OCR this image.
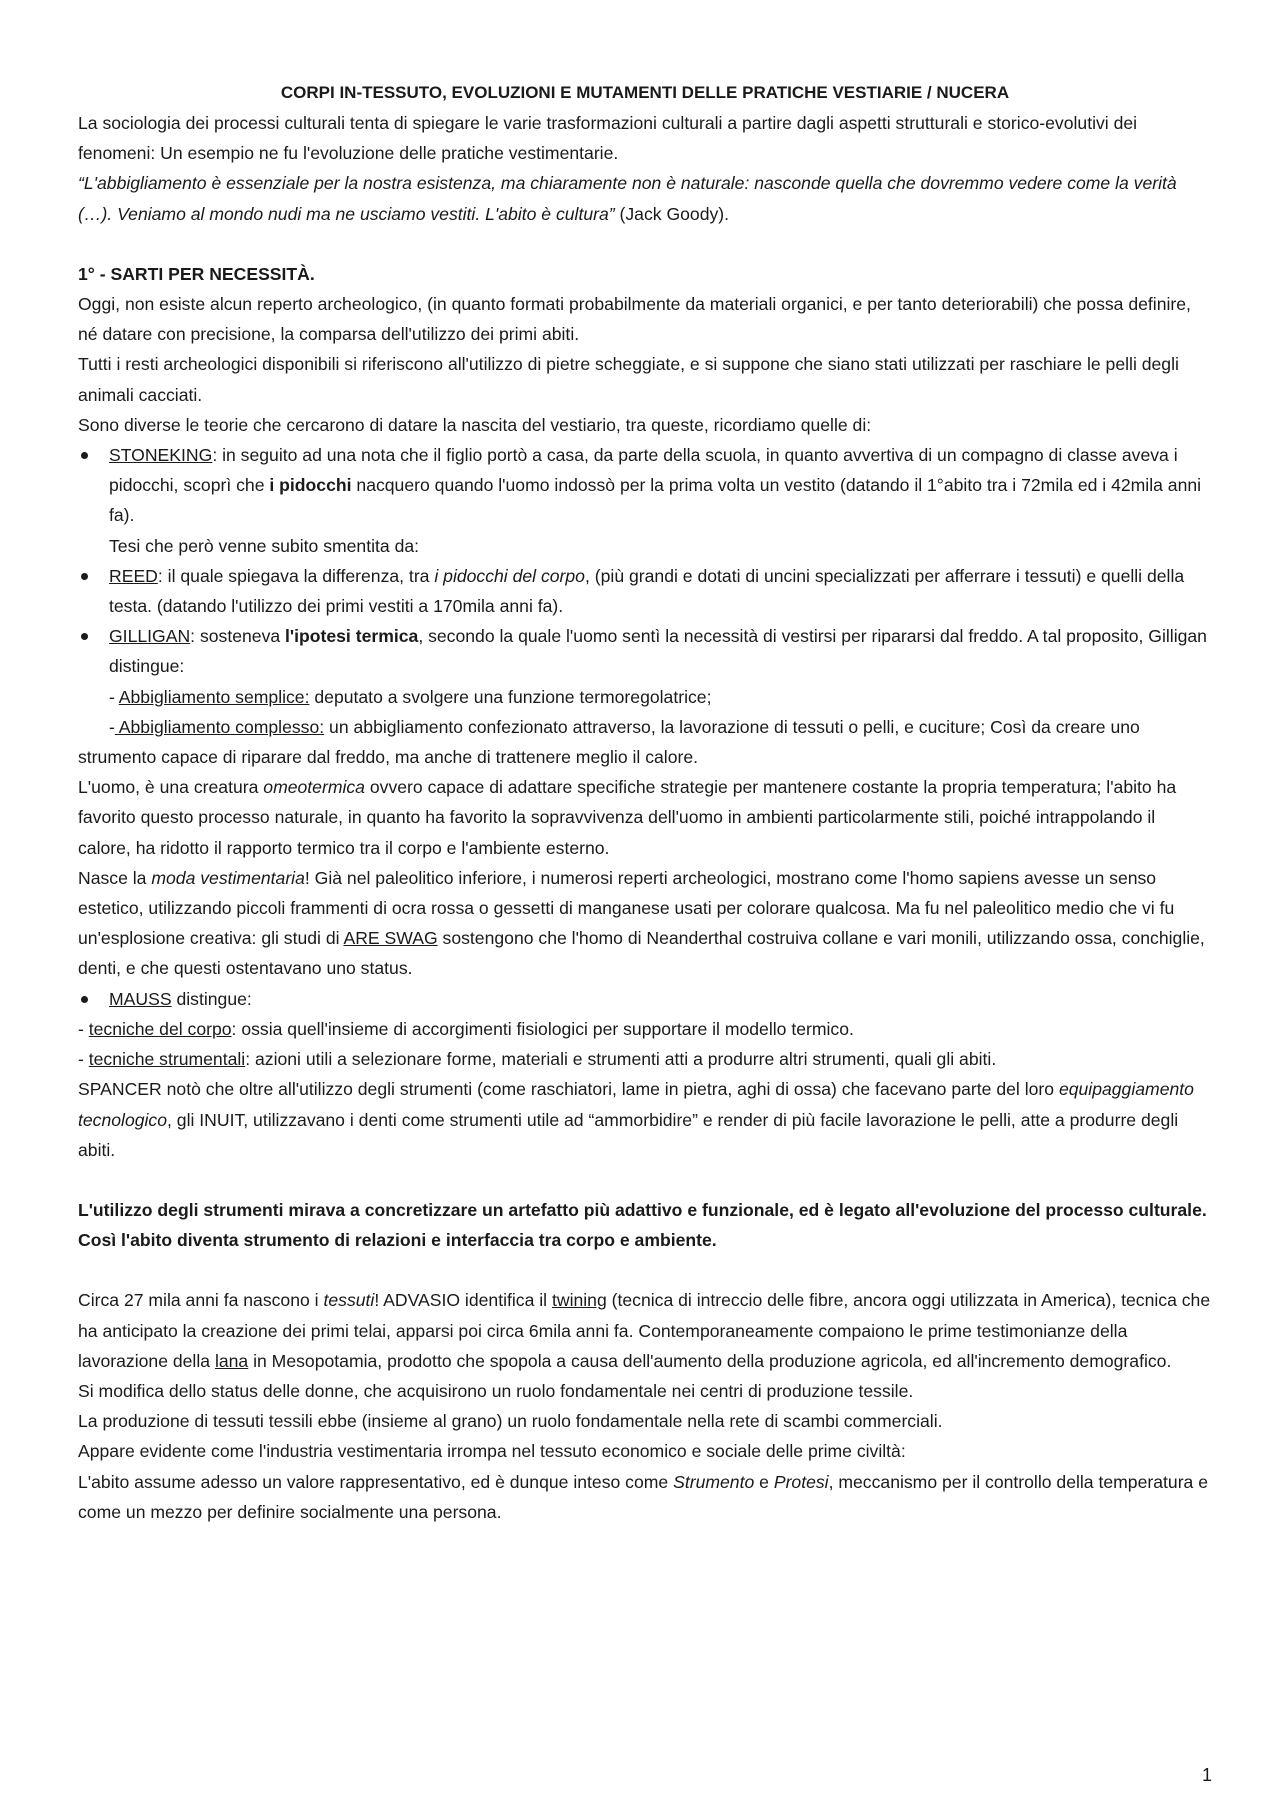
CORPI IN-TESSUTO, EVOLUZIONI E MUTAMENTI DELLE PRATICHE VESTIARIE / NUCERA

La sociologia dei processi culturali tenta di spiegare le varie trasformazioni culturali a partire dagli aspetti strutturali e storico-evolutivi dei fenomeni: Un esempio ne fu l'evoluzione delle pratiche vestimentarie.

“L'abbigliamento è essenziale per la nostra esistenza, ma chiaramente non è naturale: nasconde quella che dovremmo vedere come la verità (…). Veniamo al mondo nudi ma ne usciamo vestiti. L'abito è cultura” (Jack Goody).

1° - SARTI PER NECESSITÀ.

Oggi, non esiste alcun reperto archeologico, (in quanto formati probabilmente da materiali organici, e per tanto deteriorabili) che possa definire, né datare con precisione, la comparsa dell'utilizzo dei primi abiti.

Tutti i resti archeologici disponibili si riferiscono all'utilizzo di pietre scheggiate, e si suppone che siano stati utilizzati per raschiare le pelli degli animali cacciati.

Sono diverse le teorie che cercarono di datare la nascita del vestiario, tra queste, ricordiamo quelle di:

STONEKING: in seguito ad una nota che il figlio portò a casa, da parte della scuola, in quanto avvertiva di un compagno di classe aveva i pidocchi, scoprì che i pidocchi nacquero quando l'uomo indossò per la prima volta un vestito (datando il 1°abito tra i 72mila ed i 42mila anni fa).
Tesi che però venne subito smentita da:
REED: il quale spiegava la differenza, tra i pidocchi del corpo, (più grandi e dotati di uncini specializzati per afferrare i tessuti) e quelli della testa. (datando l'utilizzo dei primi vestiti a 170mila anni fa).
GILLIGAN: sosteneva l'ipotesi termica, secondo la quale l'uomo sentì la necessità di vestirsi per ripararsi dal freddo. A tal proposito, Gilligan distingue:
- Abbigliamento semplice: deputato a svolgere una funzione termoregolatrice;

- Abbigliamento complesso: un abbigliamento confezionato attraverso, la lavorazione di tessuti o pelli, e cuciture; Così da creare uno strumento capace di riparare dal freddo, ma anche di trattenere meglio il calore.

L'uomo, è una creatura omeotermica ovvero capace di adattare specifiche strategie per mantenere costante la propria temperatura; l'abito ha favorito questo processo naturale, in quanto ha favorito la sopravvivenza dell'uomo in ambienti particolarmente stili, poiché intrappolando il calore, ha ridotto il rapporto termico tra il corpo e l'ambiente esterno.

Nasce la moda vestimentaria! Già nel paleolitico inferiore, i numerosi reperti archeologici, mostrano come l'homo sapiens avesse un senso estetico, utilizzando piccoli frammenti di ocra rossa o gessetti di manganese usati per colorare qualcosa. Ma fu nel paleolitico medio che vi fu un'esplosione creativa: gli studi di ARE SWAG sostengono che l'homo di Neanderthal costruiva collane e vari monili, utilizzando ossa, conchiglie, denti, e che questi ostentavano uno status.

MAUSS distingue:

- tecniche del corpo: ossia quell'insieme di accorgimenti fisiologici per supportare il modello termico.

- tecniche strumentali: azioni utili a selezionare forme, materiali e strumenti atti a produrre altri strumenti, quali gli abiti.

SPANCER notò che oltre all'utilizzo degli strumenti (come raschiatori, lame in pietra, aghi di ossa) che facevano parte del loro equipaggiamento tecnologico, gli INUIT, utilizzavano i denti come strumenti utile ad “ammorbidire” e render di più facile lavorazione le pelli, atte a produrre degli abiti.

L'utilizzo degli strumenti mirava a concretizzare un artefatto più adattivo e funzionale, ed è legato all'evoluzione del processo culturale. Così l'abito diventa strumento di relazioni e interfaccia tra corpo e ambiente.

Circa 27 mila anni fa nascono i tessuti! ADVASIO identifica il twining (tecnica di intreccio delle fibre, ancora oggi utilizzata in America), tecnica che ha anticipato la creazione dei primi telai, apparsi poi circa 6mila anni fa. Contemporaneamente compaiono le prime testimonianze della lavorazione della lana in Mesopotamia, prodotto che spopola a causa dell'aumento della produzione agricola, ed all'incremento demografico.

Si modifica dello status delle donne, che acquisirono un ruolo fondamentale nei centri di produzione tessile.

La produzione di tessuti tessili ebbe (insieme al grano) un ruolo fondamentale nella rete di scambi commerciali.

Appare evidente come l'industria vestimentaria irrompa nel tessuto economico e sociale delle prime civiltà:

L'abito assume adesso un valore rappresentativo, ed è dunque inteso come Strumento e Protesi, meccanismo per il controllo della temperatura e come un mezzo per definire socialmente una persona.

1
